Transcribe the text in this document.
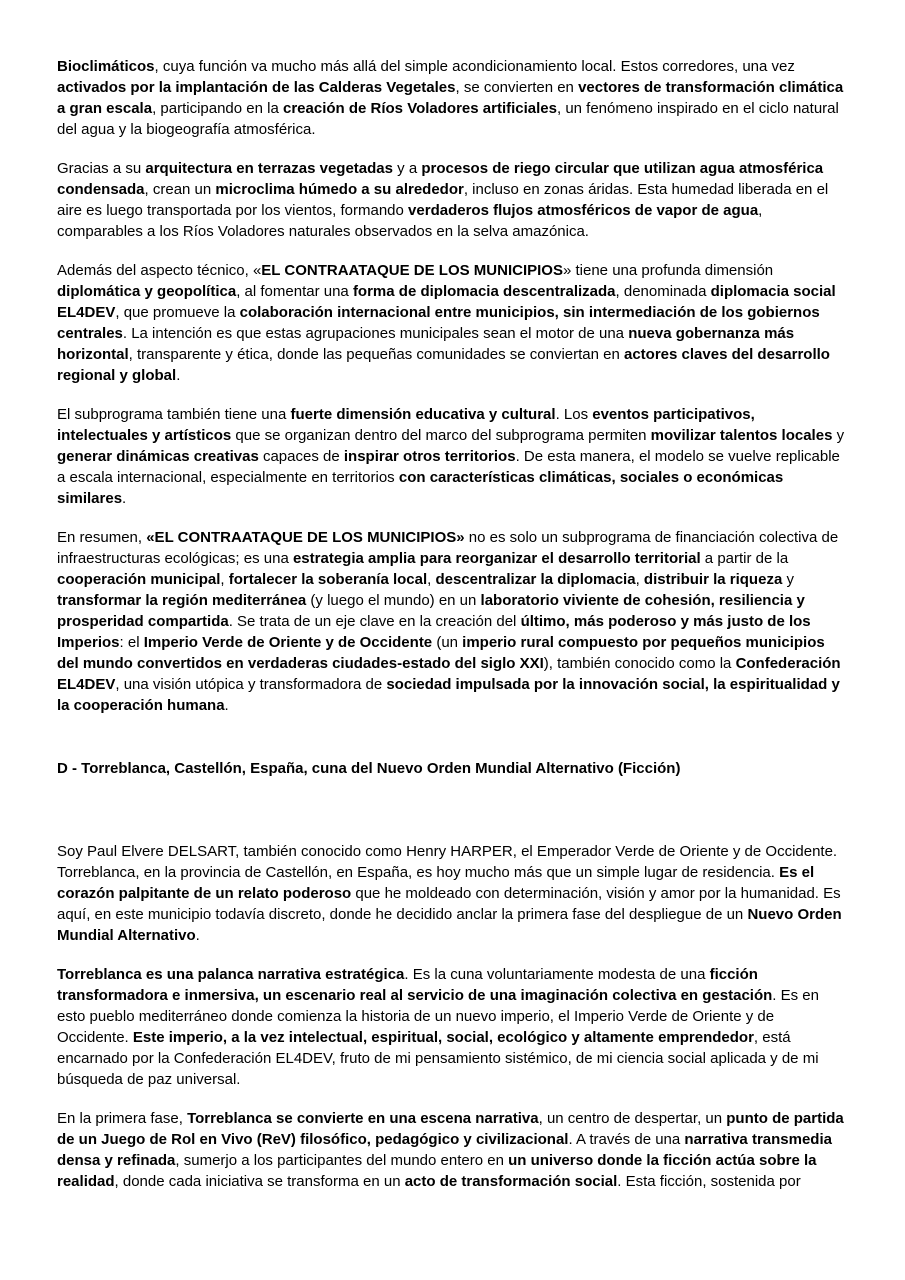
Bioclimáticos, cuya función va mucho más allá del simple acondicionamiento local. Estos corredores, una vez activados por la implantación de las Calderas Vegetales, se convierten en vectores de transformación climática a gran escala, participando en la creación de Ríos Voladores artificiales, un fenómeno inspirado en el ciclo natural del agua y la biogeografía atmosférica.

Gracias a su arquitectura en terrazas vegetadas y a procesos de riego circular que utilizan agua atmosférica condensada, crean un microclima húmedo a su alrededor, incluso en zonas áridas. Esta humedad liberada en el aire es luego transportada por los vientos, formando verdaderos flujos atmosféricos de vapor de agua, comparables a los Ríos Voladores naturales observados en la selva amazónica.

Además del aspecto técnico, «EL CONTRAATAQUE DE LOS MUNICIPIOS» tiene una profunda dimensión diplomática y geopolítica, al fomentar una forma de diplomacia descentralizada, denominada diplomacia social EL4DEV, que promueve la colaboración internacional entre municipios, sin intermediación de los gobiernos centrales. La intención es que estas agrupaciones municipales sean el motor de una nueva gobernanza más horizontal, transparente y ética, donde las pequeñas comunidades se conviertan en actores claves del desarrollo regional y global.

El subprograma también tiene una fuerte dimensión educativa y cultural. Los eventos participativos, intelectuales y artísticos que se organizan dentro del marco del subprograma permiten movilizar talentos locales y generar dinámicas creativas capaces de inspirar otros territorios. De esta manera, el modelo se vuelve replicable a escala internacional, especialmente en territorios con características climáticas, sociales o económicas similares.

En resumen, «EL CONTRAATAQUE DE LOS MUNICIPIOS» no es solo un subprograma de financiación colectiva de infraestructuras ecológicas; es una estrategia amplia para reorganizar el desarrollo territorial a partir de la cooperación municipal, fortalecer la soberanía local, descentralizar la diplomacia, distribuir la riqueza y transformar la región mediterránea (y luego el mundo) en un laboratorio viviente de cohesión, resiliencia y prosperidad compartida. Se trata de un eje clave en la creación del último, más poderoso y más justo de los Imperios: el Imperio Verde de Oriente y de Occidente (un imperio rural compuesto por pequeños municipios del mundo convertidos en verdaderas ciudades-estado del siglo XXI), también conocido como la Confederación EL4DEV, una visión utópica y transformadora de sociedad impulsada por la innovación social, la espiritualidad y la cooperación humana.

D - Torreblanca, Castellón, España, cuna del Nuevo Orden Mundial Alternativo (Ficción)

Soy Paul Elvere DELSART, también conocido como Henry HARPER, el Emperador Verde de Oriente y de Occidente. Torreblanca, en la provincia de Castellón, en España, es hoy mucho más que un simple lugar de residencia. Es el corazón palpitante de un relato poderoso que he moldeado con determinación, visión y amor por la humanidad. Es aquí, en este municipio todavía discreto, donde he decidido anclar la primera fase del despliegue de un Nuevo Orden Mundial Alternativo.

Torreblanca es una palanca narrativa estratégica. Es la cuna voluntariamente modesta de una ficción transformadora e inmersiva, un escenario real al servicio de una imaginación colectiva en gestación. Es en esto pueblo mediterráneo donde comienza la historia de un nuevo imperio, el Imperio Verde de Oriente y de Occidente. Este imperio, a la vez intelectual, espiritual, social, ecológico y altamente emprendedor, está encarnado por la Confederación EL4DEV, fruto de mi pensamiento sistémico, de mi ciencia social aplicada y de mi búsqueda de paz universal.

En la primera fase, Torreblanca se convierte en una escena narrativa, un centro de despertar, un punto de partida de un Juego de Rol en Vivo (ReV) filosófico, pedagógico y civilizacional. A través de una narrativa transmedia densa y refinada, sumerjo a los participantes del mundo entero en un universo donde la ficción actúa sobre la realidad, donde cada iniciativa se transforma en un acto de transformación social. Esta ficción, sostenida por
